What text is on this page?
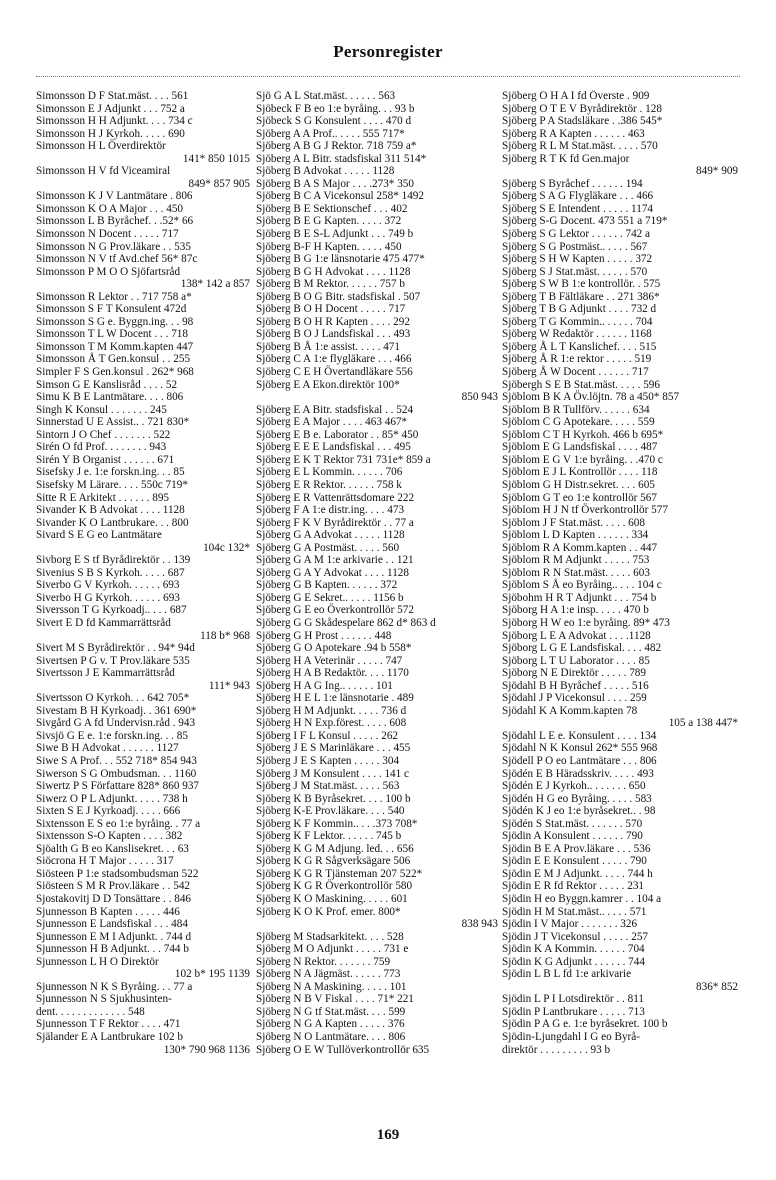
Personregister
Simonsson D F Stat.mäst. . . . 561
Simonsson E J Adjunkt . . . 752 a
Simonsson H H Adjunkt. . . . 734 c
Simonsson H J Kyrkoh. . . . . 690
Simonsson H L Överdirektör
141* 850 1015
Simonsson H V fd Viceamiral
849* 857 905
Simonsson K J V Lantmätare . 806
Simonsson K O A Major . . . 450
Simonsson L B Byråchef. . .52* 66
Simonsson N Docent . . . . . 717
Simonsson N G Prov.läkare . . 535
Simonsson N V tf Avd.chef 56* 87c
Simonsson P M O O Sjöfartsråd
138* 142 a 857
Simonsson R Lektor . . 717 758 a*
Simonsson S F T Konsulent 472d
Simonsson S G e. Byggn.ing. . . 98
Simonsson T L W Docent . . . 718
Simonsson T M Komm.kapten 447
Simonsson Å T Gen.konsul . . 255
Simpler F S Gen.konsul . 262* 968
Simson G E Kanslisråd . . . . 52
Simu K B E Lantmätare. . . . 806
Singh K Konsul . . . . . . . 245
Sinnerstad U E Assist.. . 721 830*
Sintorn J O Chef . . . . . . . 522
Sirén O fd Prof. . . . . . . . 943
Sirén Y B Organist . . . . . . 671
Sisefsky J e. 1:e forskn.ing. . . 85
Sisefsky M Lärare. . . . 550c 719*
Sitte R E Arkitekt . . . . . . 895
Sivander K B Advokat . . . . 1128
Sivander K O Lantbrukare. . . 800
Sivard S E G eo Lantmätare
104c 132*
Sivborg E S tf Byrådirektör . . 139
Sivenius S B S Kyrkoh. . . . . 687
Siverbo G V Kyrkoh. . . . . . 693
Siverbo H G Kyrkoh. . . . . . 693
Siversson T G Kyrkoadj.. . . . 687
Sivert E D fd Kammarrättsråd
118 b* 968
Sivert M S Byrådirektör . . 94* 94d
Sivertsen P G v. T Prov.läkare 535
Sivertsson J E Kammarrättsråd
111* 943
Sivertsson O Kyrkoh. . . 642 705*
Sivestam B H Kyrkoadj. . 361 690*
Sivgård G A fd Undervisn.råd . 943
Sivsjö G E e. 1:e forskn.ing. . . 85
Siwe B H Advokat . . . . . . 1127
Siwe S A Prof. . . 552 718* 854 943
Siwerson S G Ombudsman. . . 1160
Siwertz P S Författare 828* 860 937
Siwerz O P L Adjunkt. . . . . 738 h
Sixten S E J Kyrkoadj. . . . . 666
Sixtensson E S eo 1:e byråing. . 77 a
Sixtensson S-O Kapten . . . . 382
Sjöalth G B eo Kanslisekret. . . 63
Siöcrona H T Major . . . . . 317
Siösteen P 1:e stadsombudsman 522
Siösteen S M R Prov.läkare . . 542
Sjostakovitj D D Tonsättare . . 846
Sjunnesson B Kapten . . . . . 446
Sjunnesson E Landsfiskal . . . 484
Sjunnesson E M I Adjunkt. . 744 d
Sjunnesson H B Adjunkt. . . 744 b
Sjunnesson L H O Direktör
102 b* 195 1139
Sjunnesson N K S Byråing. . . 77 a
Sjunnesson N S Sjukhusinten-
dent. . . . . . . . . . . . . 548
Sjunnesson T F Rektor . . . . 471
Själander E A Lantbrukare 102 b
130* 790 968 1136
Sjö G A L Stat.mäst. . . . . . 563
Sjöbeck F B eo 1:e byråing. . . 93 b
Sjöbeck S G Konsulent . . . . 470 d
Sjöberg A A Prof.. . . . . 555 717*
Sjöberg A B G J Rektor. 718 759 a*
Sjöberg A L Bitr. stadsfiskal 311 514*
Sjöberg B Advokat . . . . . 1128
Sjöberg B A S Major . . . .273* 350
Sjöberg B C A Vicekonsul 258* 1492
Sjöberg B E Sektionschef . . . 402
Sjöberg B E G Kapten. . . . . 372
Sjöberg B E S-L Adjunkt . . . 749 b
Sjöberg B-F H Kapten. . . . . 450
Sjöberg B G 1:e länsnotarie 475 477*
Sjöberg B G H Advokat . . . . 1128
Sjöberg B M Rektor. . . . . . 757 b
Sjöberg B O G Bitr. stadsfiskal . 507
Sjöberg B O H Docent . . . . . 717
Sjöberg B O H R Kapten . . . . 292
Sjöberg B O J Landsfiskal . . . 493
Sjöberg B Å 1:e assist. . . . . 471
Sjöberg C A 1:e flygläkare . . . 466
Sjöberg C E H Övertandläkare 556
Sjöberg E A Ekon.direktör 100*
850 943
Sjöberg E A Bitr. stadsfiskal . . 524
Sjöberg E A Major . . . . 463 467*
Sjöberg E B e. Laborator . . 85* 450
Sjöberg E E E Landsfiskal . . . 495
Sjöberg E K T Rektor 731 731e* 859 a
Sjöberg E L Kommin. . . . . . 706
Sjöberg E R Rektor. . . . . . 758 k
Sjöberg E R Vattenrättsdomare 222
Sjöberg F A 1:e distr.ing. . . . 473
Sjöberg F K V Byrådirektör . . 77 a
Sjöberg G A Advokat . . . . . 1128
Sjöberg G A Postmäst. . . . . 560
Sjöberg G A M 1:e arkivarie . . 121
Sjöberg G A Y Advokat . . . . 1128
Sjöberg G B Kapten. . . . . . 372
Sjöberg G E Sekret.. . . . . 1156 b
Sjöberg G E eo Överkontrollör 572
Sjöberg G G Skådespelare 862 d* 863 d
Sjöberg G H Prost . . . . . . 448
Sjöberg G O Apotekare .94 b 558*
Sjöberg H A Veterinär . . . . . 747
Sjöberg H A B Redaktör. . . . 1170
Sjöberg H A G Ing.. . . . . . 101
Sjöberg H E L 1:e länsnotarie . 489
Sjöberg H M Adjunkt. . . . . 736 d
Sjöberg H N Exp.förest. . . . . 608
Sjöberg I F L Konsul . . . . . 262
Sjöberg J E S Marinläkare . . . 455
Sjöberg J E S Kapten . . . . . 304
Sjöberg J M Konsulent . . . . 141 c
Sjöberg J M Stat.mäst. . . . . 563
Sjöberg K B Byråsekret. . . . 100 b
Sjöberg K-E Prov.läkare. . . . 540
Sjöberg K F Kommin.. . . .373 708*
Sjöberg K F Lektor. . . . . . 745 b
Sjöberg K G M Adjung. led. . . 656
Sjöberg K G R Sågverksägare 506
Sjöberg K G R Tjänsteman 207 522*
Sjöberg K G R Överkontrollör 580
Sjöberg K O Maskining. . . . . 601
Sjöberg K O K Prof. emer. 800*
838 943
Sjöberg M Stadsarkitekt. . . . 528
Sjöberg M O Adjunkt . . . . . 731 e
Sjöberg N Rektor. . . . . . . 759
Sjöberg N A Jägmäst. . . . . . 773
Sjöberg N A Maskining. . . . . 101
Sjöberg N B V Fiskal . . . . 71* 221
Sjöberg N G tf Stat.mäst. . . . 599
Sjöberg N G A Kapten . . . . . 376
Sjöberg N O Lantmätare. . . . 806
Sjöberg O E W Tullöverkontrollör 635
Sjöberg O H A I fd Överste . 909
Sjöberg O T E V Byrådirektör . 128
Sjöberg P A Stadsläkare . .386 545*
Sjöberg R A Kapten . . . . . . 463
Sjöberg R L M Stat.mäst. . . . . 570
Sjöberg R T K fd Gen.major
849* 909
Sjöberg S Byråchef . . . . . . 194
Sjöberg S A G Flygläkare . . . 466
Sjöberg S E Intendent . . . . . 1174
Sjöberg S-G Docent. 473 551 a 719*
Sjöberg S G Lektor . . . . . . 742 a
Sjöberg S G Postmäst.. . . . . 567
Sjöberg S H W Kapten . . . . . 372
Sjöberg S J Stat.mäst. . . . . . 570
Sjöberg S W B 1:e kontrollör. . 575
Sjöberg T B Fältläkare . . 271 386*
Sjöberg T B G Adjunkt . . . . 732 d
Sjöberg T G Kommin.. . . . . . 704
Sjöberg W Redaktör . . . . . . 1168
Sjöberg Å L T Kanslichef. . . . 515
Sjöberg Å R 1:e rektor . . . . . 519
Sjöberg Å W Docent . . . . . . 717
Sjöbergh S E B Stat.mäst. . . . . 596
Sjöblom B K A Öv.löjtn. 78 a 450* 857
Sjöblom B R Tullförv. . . . . . 634
Sjöblom C G Apotekare. . . . . 559
Sjöblom C T H Kyrkoh. 466 b 695*
Sjöblom E G Landsfiskal . . . . 487
Sjöblom E G V 1:e byråing. . .470 c
Sjöblom E J L Kontrollör . . . . 118
Sjöblom G H Distr.sekret. . . . 605
Sjöblom G T eo 1:e kontrollör 567
Sjöblom H J N tf Överkontrollör 577
Sjöblom J F Stat.mäst. . . . . 608
Sjöblom L D Kapten . . . . . . 334
Sjöblom R A Komm.kapten . . 447
Sjöblom R M Adjunkt . . . . . 753
Sjöblom R N Stat.mäst. . . . . 603
Sjöblom S Å eo Byråing.. . . . 104 c
Sjöbohm H R T Adjunkt . . . 754 b
Sjöborg H A 1:e insp. . . . . 470 b
Sjöborg H W eo 1:e byråing. 89* 473
Sjöborg L E A Advokat . . . .1128
Sjöborg L G E Landsfiskal. . . . 482
Sjöborg L T U Laborator . . . . 85
Sjöborg N E Direktör . . . . . 789
Sjödahl B H Byråchef . . . . . 516
Sjödahl J P Vicekonsul . . . . 259
Sjödahl K A Komm.kapten 78
105 a 138 447*
Sjödahl L E e. Konsulent . . . . 134
Sjödahl N K Konsul 262* 555 968
Sjödell P O eo Lantmätare . . . 806
Sjödén E B Häradsskriv. . . . . 493
Sjödén E J Kyrkoh.. . . . . . . 650
Sjödén H G eo Byråing. . . . . 583
Sjödén K J eo 1:e byråsekret.. . 98
Sjödén S Stat.mäst. . . . . . . 570
Sjödin A Konsulent . . . . . . 790
Sjödin B E A Prov.läkare . . . 536
Sjödin E E Konsulent . . . . . 790
Sjödin E M J Adjunkt. . . . . 744 h
Sjödin E R fd Rektor . . . . . 231
Sjödin H eo Byggn.kamrer . . 104 a
Sjödin H M Stat.mäst.. . . . . 571
Sjödin I V Major . . . . . . . 326
Sjödin J T Vicekonsul . . . . . 257
Sjödin K A Kommin. . . . . . 704
Sjödin K G Adjunkt . . . . . . 744
Sjödin L B L fd 1:e arkivarie
836* 852
Sjödin L P I Lotsdirektör . . 811
Sjödin P Lantbrukare . . . . . 713
Sjödin P A G e. 1:e byråsekret. 100 b
Sjödin-Ljungdahl I G eo Byrå-
direktör . . . . . . . . . 93 b
169
